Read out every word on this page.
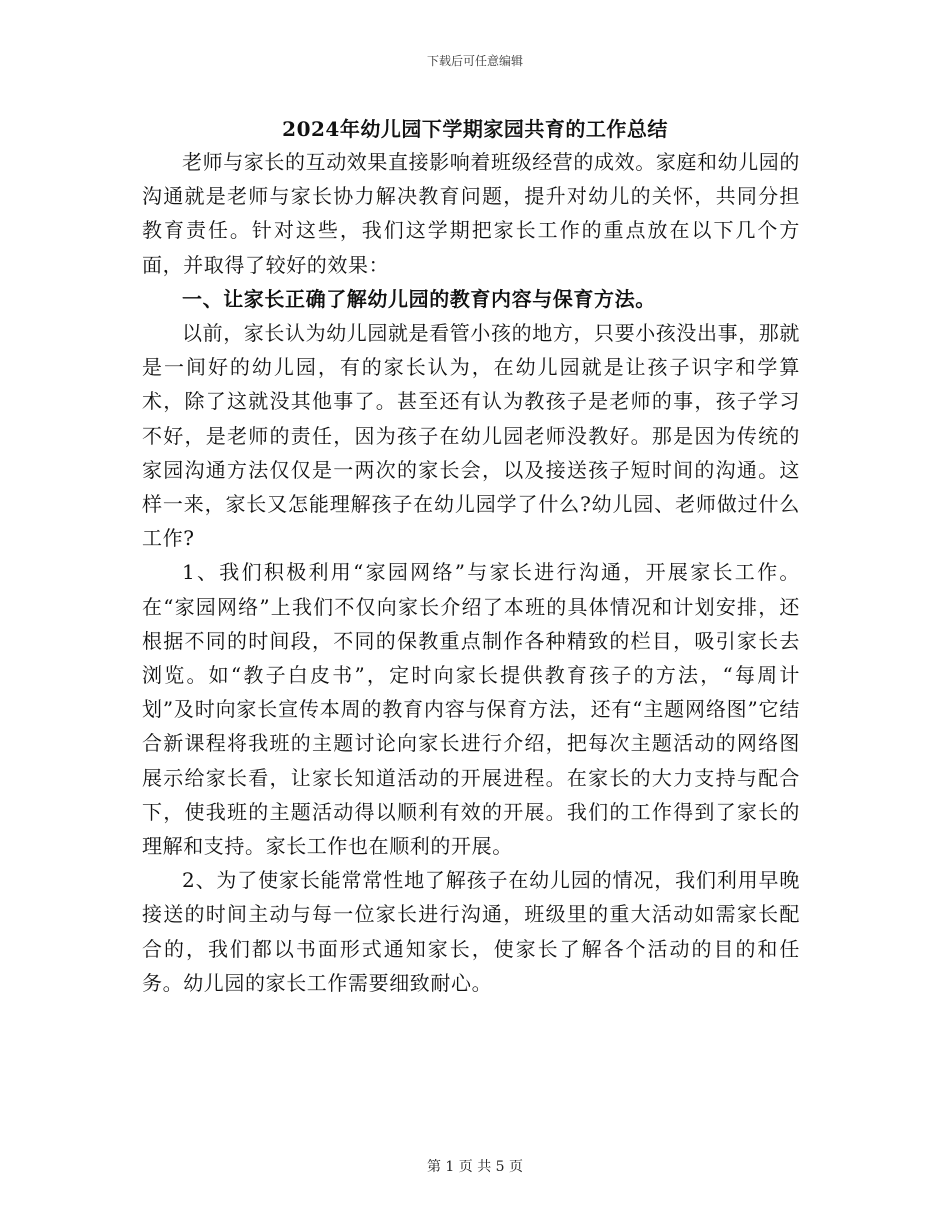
下载后可任意编辑
2024年幼儿园下学期家园共育的工作总结

老师与家长的互动效果直接影响着班级经营的成效。家庭和幼儿园的沟通就是老师与家长协力解决教育问题，提升对幼儿的关怀，共同分担教育责任。针对这些，我们这学期把家长工作的重点放在以下几个方面，并取得了较好的效果：

一、让家长正确了解幼儿园的教育内容与保育方法。

以前，家长认为幼儿园就是看管小孩的地方，只要小孩没出事，那就是一间好的幼儿园，有的家长认为，在幼儿园就是让孩子识字和学算术，除了这就没其他事了。甚至还有认为教孩子是老师的事，孩子学习不好，是老师的责任，因为孩子在幼儿园老师没教好。那是因为传统的家园沟通方法仅仅是一两次的家长会，以及接送孩子短时间的沟通。这样一来，家长又怎能理解孩子在幼儿园学了什么?幼儿园、老师做过什么工作?

1、我们积极利用“家园网络”与家长进行沟通，开展家长工作。在“家园网络”上我们不仅向家长介绍了本班的具体情况和计划安排，还根据不同的时间段，不同的保教重点制作各种精致的栏目，吸引家长去浏览。如“教子白皮书”，定时向家长提供教育孩子的方法，“每周计划”及时向家长宣传本周的教育内容与保育方法，还有“主题网络图”它结合新课程将我班的主题讨论向家长进行介绍，把每次主题活动的网络图展示给家长看，让家长知道活动的开展进程。在家长的大力支持与配合下，使我班的主题活动得以顺利有效的开展。我们的工作得到了家长的理解和支持。家长工作也在顺利的开展。

2、为了使家长能常常性地了解孩子在幼儿园的情况，我们利用早晚接送的时间主动与每一位家长进行沟通，班级里的重大活动如需家长配合的，我们都以书面形式通知家长，使家长了解各个活动的目的和任务。幼儿园的家长工作需要细致耐心。

第 1 页 共 5 页
